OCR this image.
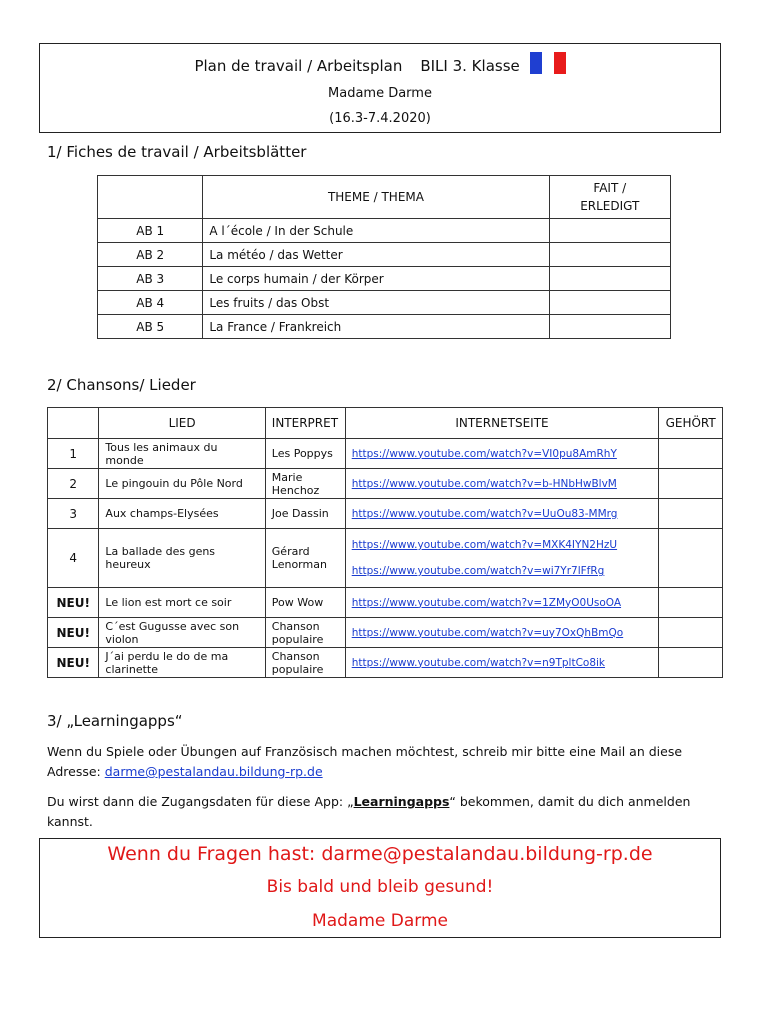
Plan de travail / Arbeitsplan BILI 3. Klasse
Madame Darme
(16.3-7.4.2020)
1/ Fiches de travail / Arbeitsblätter
	THEME / THEMA	FAIT /
ERLEDIGT
AB 1	A l´école / In der Schule	
AB 2	La météo / das Wetter	
AB 3	Le corps humain / der Körper	
AB 4	Les fruits / das Obst	
AB 5	La France / Frankreich	
2/ Chansons/ Lieder
	LIED	INTERPRET	INTERNETSEITE	GEHÖRT
1	Tous les animaux du monde	Les Poppys	https://www.youtube.com/watch?v=VI0pu8AmRhY	

2	Le pingouin du Pôle Nord	Marie Henchoz	https://www.youtube.com/watch?v=b-HNbHwBlvM	

3	Aux champs-Elysées	Joe Dassin	https://www.youtube.com/watch?v=UuOu83-MMrg	

4	La ballade des gens heureux	Gérard Lenorman	https://www.youtube.com/watch?v=MXK4IYN2HzU
https://www.youtube.com/watch?v=wi7Yr7lFfRg	

NEU!	Le lion est mort ce soir	Pow Wow	https://www.youtube.com/watch?v=1ZMyO0UsoOA	

NEU!	C´est Gugusse avec son violon	Chanson populaire	https://www.youtube.com/watch?v=uy7OxQhBmQo	

NEU!	J´ai perdu le do de ma clarinette	Chanson populaire	https://www.youtube.com/watch?v=n9TpltCo8ik	

3/ „Learningapps“
Wenn du Spiele oder Übungen auf Französisch machen möchtest, schreib mir bitte eine Mail an diese Adresse: darme@pestalandau.bildung-rp.de
Du wirst dann die Zugangsdaten für diese App: „Learningapps“ bekommen, damit du dich anmelden kannst.
Wenn du Fragen hast: darme@pestalandau.bildung-rp.de
Bis bald und bleib gesund!
Madame Darme
